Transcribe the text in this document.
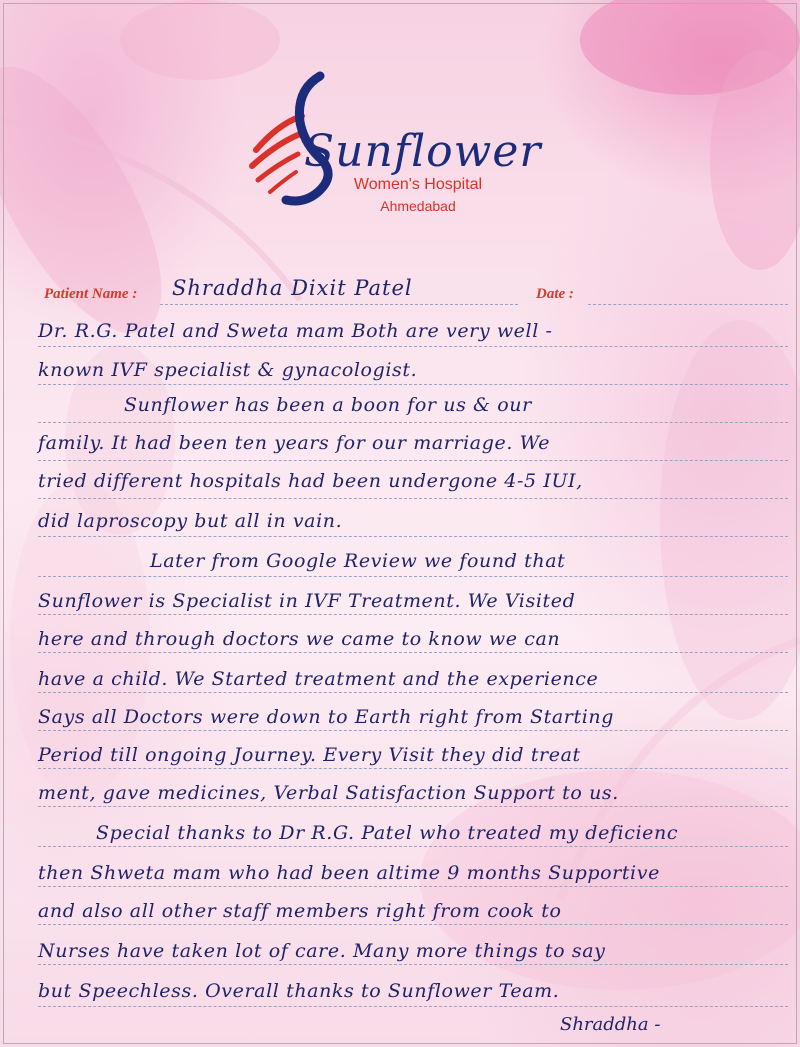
Sunflower
Women's Hospital
Ahmedabad
Patient Name : Shraddha Dixit Patel	Date :
Dr. R.G. Patel and Sweta mam Both are very well -
known IVF specialist & gynacologist.
Sunflower has been a boon for us & our
family. It had been ten years for our marriage. We
tried different hospitals had been undergone 4-5 IUI,
did laproscopy but all in vain.
Later from Google Review we found that
Sunflower is Specialist in IVF Treatment. We Visited
here and through doctors we came to know we can
have a child. We Started treatment and the experience
Says all Doctors were down to Earth right from Starting
Period till ongoing Journey. Every Visit they did treat
ment, gave medicines, Verbal Satisfaction Support to us.
Special thanks to Dr R.G. Patel who treated my deficienc
then Shweta mam who had been altime 9 months Supportive
and also all other staff members right from cook to
Nurses have taken lot of care. Many more things to say
but Speechless. Overall thanks to Sunflower Team.
Shraddha -
